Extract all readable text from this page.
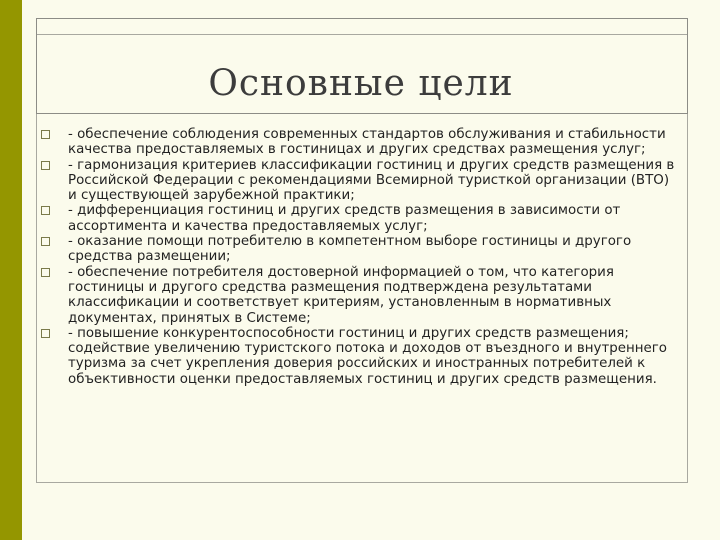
Основные цели
- обеспечение соблюдения современных стандартов обслуживания и стабильности качества предоставляемых в гостиницах и других средствах размещения услуг;
- гармонизация критериев классификации гостиниц и других средств размещения в Российской Федерации с рекомендациями Всемирной туристкой организации (ВТО) и существующей зарубежной практики;
- дифференциация гостиниц и других средств размещения в зависимости от ассортимента и качества предоставляемых услуг;
- оказание помощи потребителю в компетентном выборе гостиницы и другого средства размещении;
- обеспечение потребителя достоверной информацией о том, что категория гостиницы и другого средства размещения подтверждена результатами классификации и соответствует критериям, установленным в нормативных документах, принятых в Системе;
- повышение конкурентоспособности гостиниц и других средств размещения; содействие увеличению туристского потока и доходов от въездного и внутреннего туризма за счет укрепления доверия российских и иностранных потребителей к объективности оценки предоставляемых гостиниц и других средств размещения.
